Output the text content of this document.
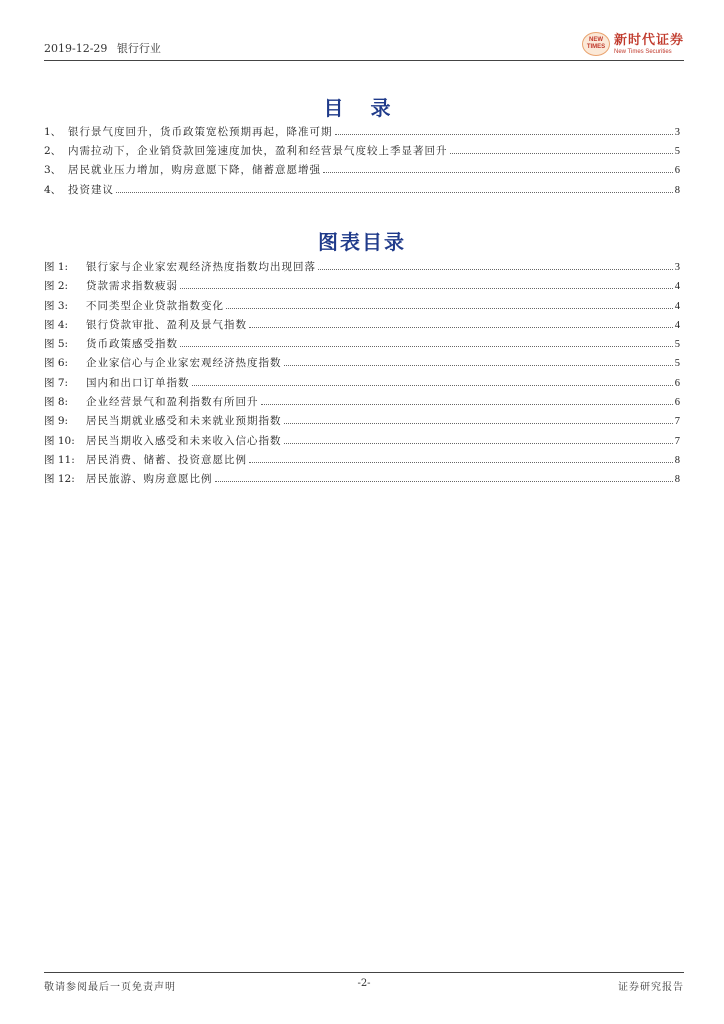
2019-12-29 银行行业
NEW TIMES 新时代证券
New Times Securities
目 录
1、 银行景气度回升，货币政策宽松预期再起，降准可期	3
2、 内需拉动下，企业销贷款回笼速度加快，盈利和经营景气度较上季显著回升	5
3、 居民就业压力增加，购房意愿下降，储蓄意愿增强	6
4、 投资建议	8
图表目录
图 1:	银行家与企业家宏观经济热度指数均出现回落	3
图 2:	贷款需求指数疲弱	4
图 3:	不同类型企业贷款指数变化	4
图 4:	银行贷款审批、盈利及景气指数	4
图 5:	货币政策感受指数	5
图 6:	企业家信心与企业家宏观经济热度指数	5
图 7:	国内和出口订单指数	6
图 8:	企业经营景气和盈利指数有所回升	6
图 9:	居民当期就业感受和未来就业预期指数	7
图 10:	居民当期收入感受和未来收入信心指数	7
图 11:	居民消费、储蓄、投资意愿比例	8
图 12:	居民旅游、购房意愿比例	8
敬请参阅最后一页免责声明	-2-	证券研究报告
